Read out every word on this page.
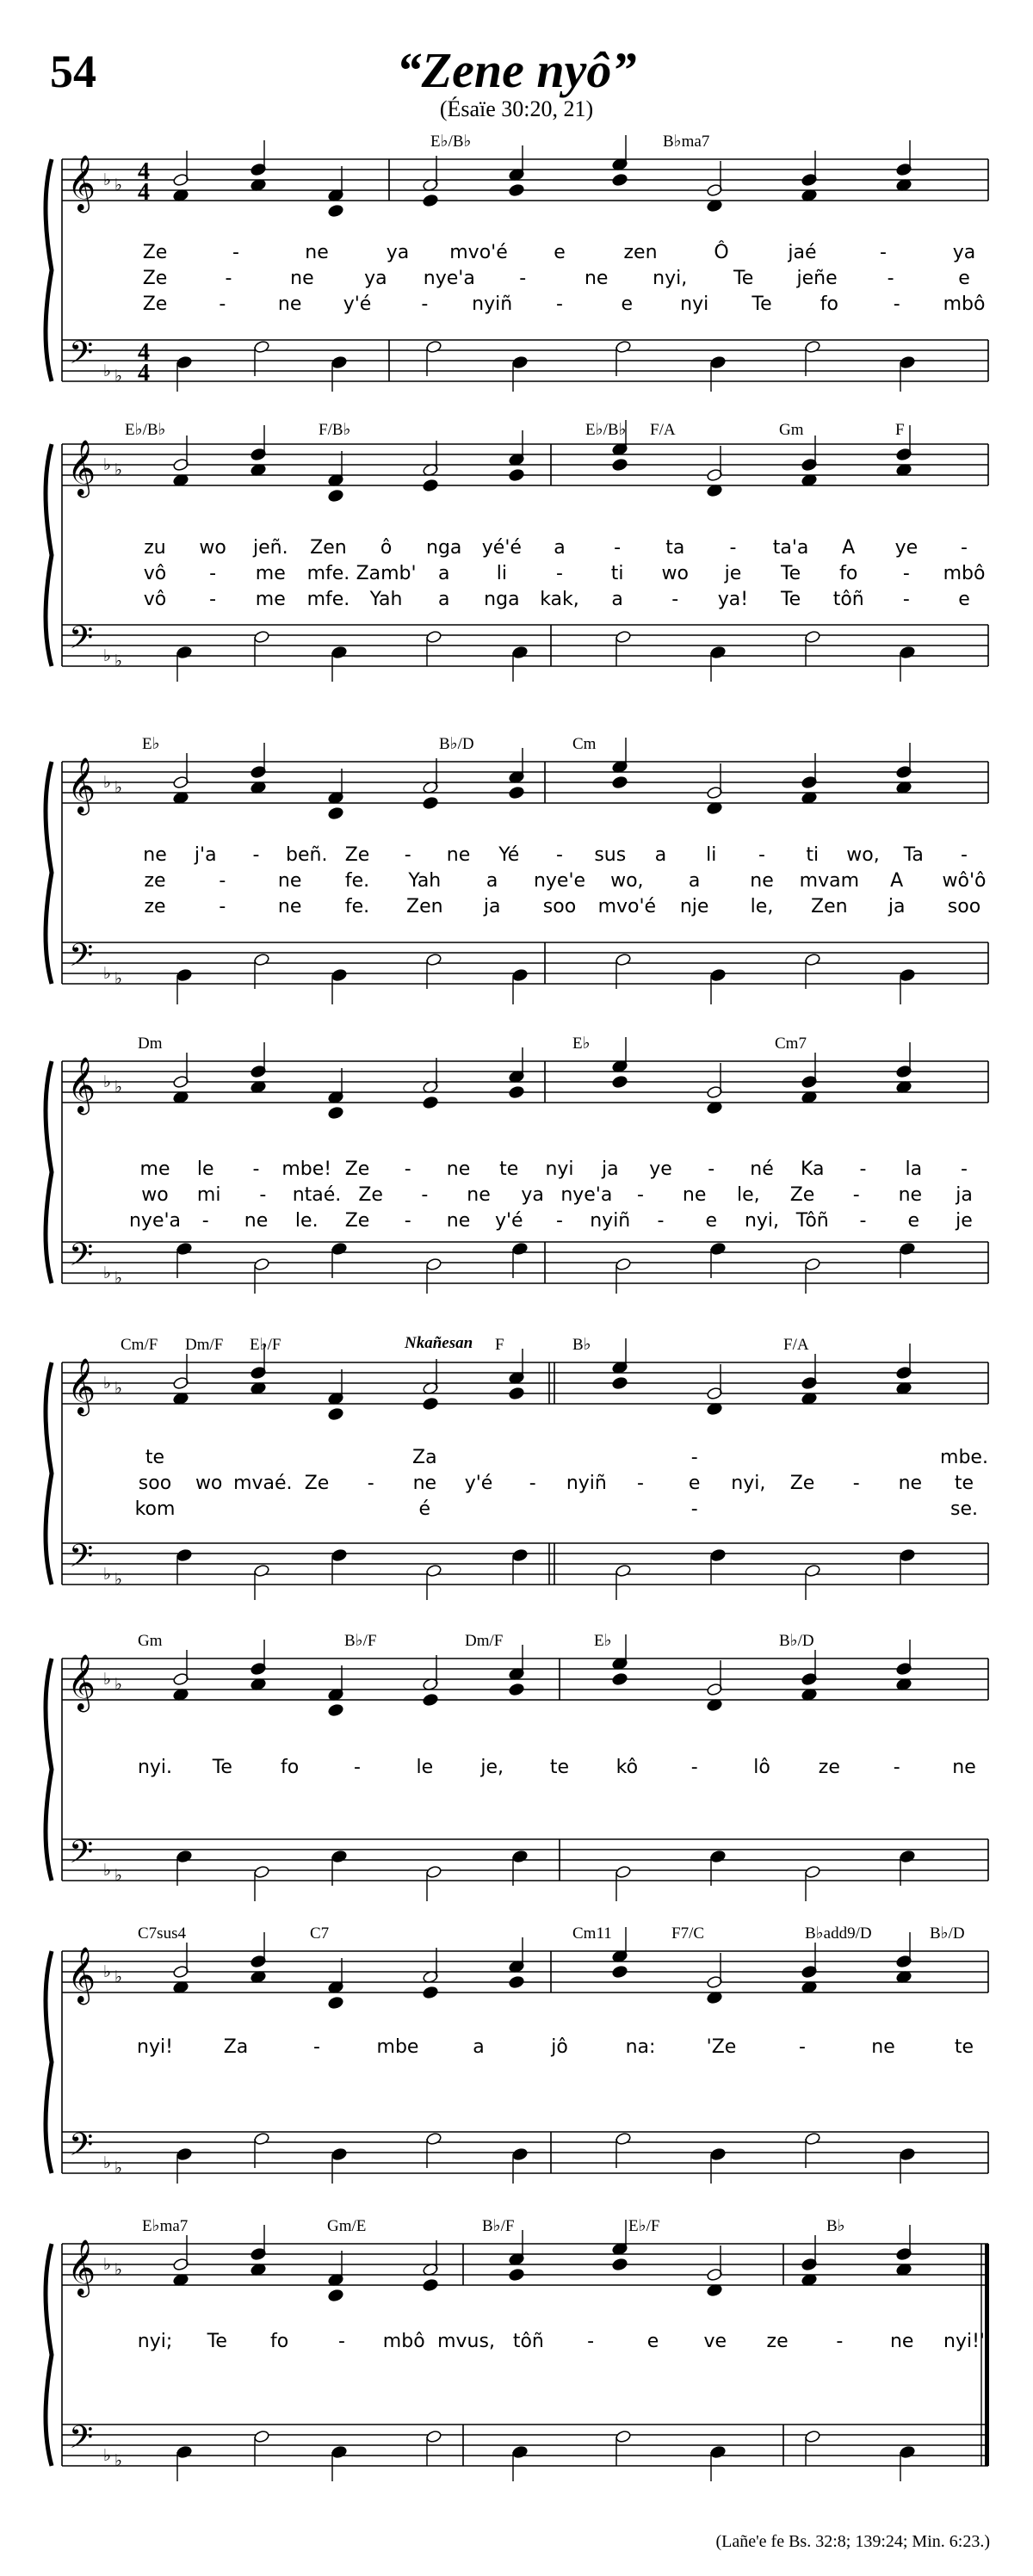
54	“Zene nyô”
(Ésaïe 30:20, 21)
𝄞
𝄢
♭ ♭
♭ ♭
4
4
4
4
E♭/B♭	B♭ma7
Ze	-	ne	ya mvo'é e	zen	Ô	jaé	-	ya
Ze	-	ne	ya nye'a -	ne nyi, Te jeñe	-	e
Ze	-	ne y'é	- nyiñ -	e	nyi Te	fo	- mbô
𝄞
𝄢
♭ ♭
♭ ♭
E♭/B♭	F/B♭	E♭/B♭ F/A	Gm	F
zu wo jeñ. Zen ô nga yé'é a	- ta - ta'a A ye -
vô - me mfe. Zamb' a li	-	ti wo je Te fo - mbô
vô - me mfe. Yah a nga kak, a	- ya! Te tôñ -	e
𝄞
𝄢
♭ ♭
♭ ♭
E♭	B♭/D	Cm
ne j'a - beñ. Ze - ne Yé - sus a li - ti wo, Ta -
ze	-	ne fe. Yah a nye'e wo, a	ne mvam A wô'ô
ze	-	ne fe. Zen ja soo mvo'é nje le, Zen ja soo
𝄞
𝄢
♭ ♭
♭ ♭
Dm	E♭	Cm7
me le - mbe! Ze - ne te nyi ja ye - né Ka - la -
wo mi - ntaé. Ze - ne ya nye'a - ne le, Ze - ne ja
nye'a - ne le. Ze - ne y'é - nyiñ - e nyi, Tôñ - e je
𝄞
𝄢
♭ ♭
♭ ♭
Cm/F Dm/F E♭/F	F	B♭	F/A
Nkañesan
te	Za	-	mbe.
soo wo mvaé. Ze - ne y'é - nyiñ - e nyi, Ze - ne te
kom	é	-	se.
𝄞
𝄢
♭ ♭
♭ ♭
Gm	B♭/F	Dm/F	E♭	B♭/D
nyi. Te	fo	-	le	je, te kô	-	lô	ze	-	ne
𝄞
𝄢
♭ ♭
♭ ♭
C7sus4	C7	Cm11	F7/C	B♭add9/D	B♭/D
nyi!	Za	-	mbe	a	jô	na:	'Ze	-	ne	te
𝄞
𝄢
♭ ♭
♭ ♭
E♭ma7	Gm/E	B♭/F	E♭/F	B♭
nyi; Te fo	- mbô mvus, tôñ -	e ve ze	- ne nyi!'
(Lañe'e fe Bs. 32:8; 139:24; Min. 6:23.)
